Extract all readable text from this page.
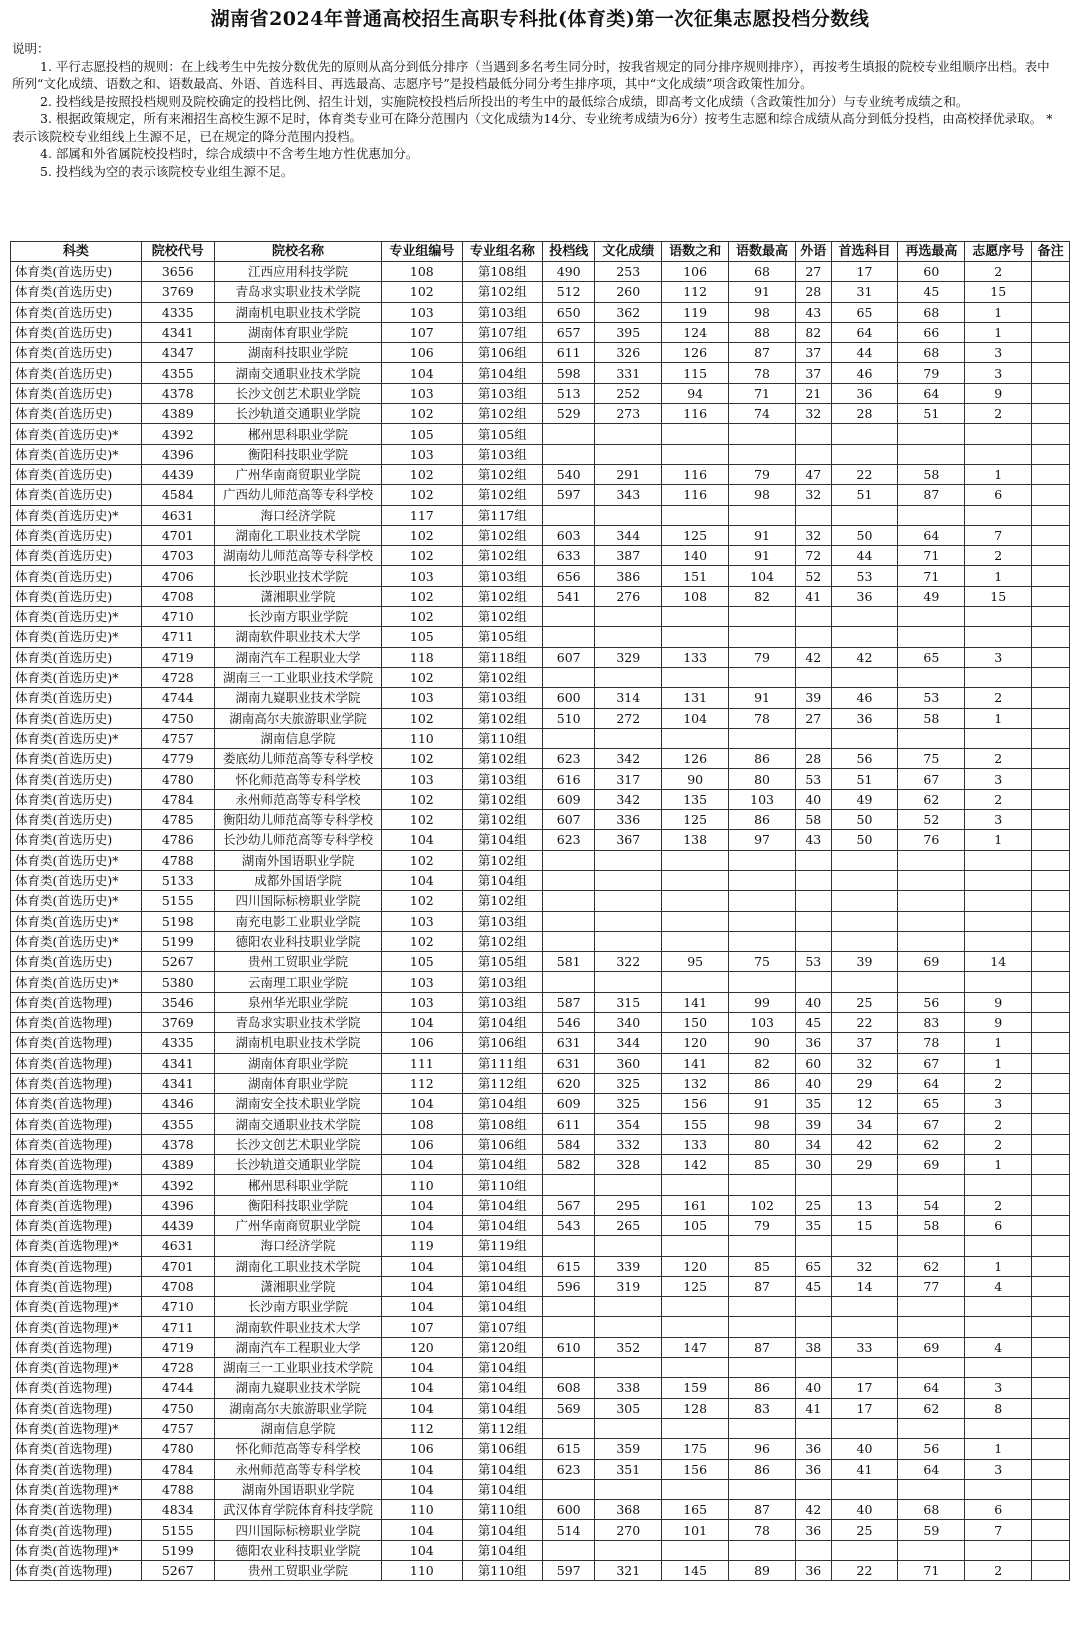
湖南省2024年普通高校招生高职专科批(体育类)第一次征集志愿投档分数线

说明：

1. 平行志愿投档的规则：在上线考生中先按分数优先的原则从高分到低分排序（当遇到多名考生同分时，按我省规定的同分排序规则排序），再按考生填报的院校专业组顺序出档。表中所列“文化成绩、语数之和、语数最高、外语、首选科目、再选最高、志愿序号”是投档最低分同分考生排序项，其中“文化成绩”项含政策性加分。

2. 投档线是按照投档规则及院校确定的投档比例、招生计划，实施院校投档后所投出的考生中的最低综合成绩，即高考文化成绩（含政策性加分）与专业统考成绩之和。

3. 根据政策规定，所有来湘招生高校生源不足时，体育类专业可在降分范围内（文化成绩为14分、专业统考成绩为6分）按考生志愿和综合成绩从高分到低分投档，由高校择优录取。 *表示该院校专业组线上生源不足，已在规定的降分范围内投档。

4. 部属和外省属院校投档时，综合成绩中不含考生地方性优惠加分。

5. 投档线为空的表示该院校专业组生源不足。

科类	院校代号	院校名称	专业组编号	专业组名称	投档线	文化成绩	语数之和	语数最高	外语	首选科目	再选最高	志愿序号	备注
体育类(首选历史)	3656	江西应用科技学院	108	第108组	490	253	106	68	27	17	60	2	
体育类(首选历史)	3769	青岛求实职业技术学院	102	第102组	512	260	112	91	28	31	45	15	
体育类(首选历史)	4335	湖南机电职业技术学院	103	第103组	650	362	119	98	43	65	68	1	
体育类(首选历史)	4341	湖南体育职业学院	107	第107组	657	395	124	88	82	64	66	1	
体育类(首选历史)	4347	湖南科技职业学院	106	第106组	611	326	126	87	37	44	68	3	
体育类(首选历史)	4355	湖南交通职业技术学院	104	第104组	598	331	115	78	37	46	79	3	
体育类(首选历史)	4378	长沙文创艺术职业学院	103	第103组	513	252	94	71	21	36	64	9	
体育类(首选历史)	4389	长沙轨道交通职业学院	102	第102组	529	273	116	74	32	28	51	2	
体育类(首选历史)*	4392	郴州思科职业学院	105	第105组									
体育类(首选历史)*	4396	衡阳科技职业学院	103	第103组									
体育类(首选历史)	4439	广州华南商贸职业学院	102	第102组	540	291	116	79	47	22	58	1	
体育类(首选历史)	4584	广西幼儿师范高等专科学校	102	第102组	597	343	116	98	32	51	87	6	
体育类(首选历史)*	4631	海口经济学院	117	第117组									
体育类(首选历史)	4701	湖南化工职业技术学院	102	第102组	603	344	125	91	32	50	64	7	
体育类(首选历史)	4703	湖南幼儿师范高等专科学校	102	第102组	633	387	140	91	72	44	71	2	
体育类(首选历史)	4706	长沙职业技术学院	103	第103组	656	386	151	104	52	53	71	1	
体育类(首选历史)	4708	潇湘职业学院	102	第102组	541	276	108	82	41	36	49	15	
体育类(首选历史)*	4710	长沙南方职业学院	102	第102组									
体育类(首选历史)*	4711	湖南软件职业技术大学	105	第105组									
体育类(首选历史)	4719	湖南汽车工程职业大学	118	第118组	607	329	133	79	42	42	65	3	
体育类(首选历史)*	4728	湖南三一工业职业技术学院	102	第102组									
体育类(首选历史)	4744	湖南九嶷职业技术学院	103	第103组	600	314	131	91	39	46	53	2	
体育类(首选历史)	4750	湖南高尔夫旅游职业学院	102	第102组	510	272	104	78	27	36	58	1	
体育类(首选历史)*	4757	湖南信息学院	110	第110组									
体育类(首选历史)	4779	娄底幼儿师范高等专科学校	102	第102组	623	342	126	86	28	56	75	2	
体育类(首选历史)	4780	怀化师范高等专科学校	103	第103组	616	317	90	80	53	51	67	3	
体育类(首选历史)	4784	永州师范高等专科学校	102	第102组	609	342	135	103	40	49	62	2	
体育类(首选历史)	4785	衡阳幼儿师范高等专科学校	102	第102组	607	336	125	86	58	50	52	3	
体育类(首选历史)	4786	长沙幼儿师范高等专科学校	104	第104组	623	367	138	97	43	50	76	1	
体育类(首选历史)*	4788	湖南外国语职业学院	102	第102组									
体育类(首选历史)*	5133	成都外国语学院	104	第104组									
体育类(首选历史)*	5155	四川国际标榜职业学院	102	第102组									
体育类(首选历史)*	5198	南充电影工业职业学院	103	第103组									
体育类(首选历史)*	5199	德阳农业科技职业学院	102	第102组									
体育类(首选历史)	5267	贵州工贸职业学院	105	第105组	581	322	95	75	53	39	69	14	
体育类(首选历史)*	5380	云南理工职业学院	103	第103组									
体育类(首选物理)	3546	泉州华光职业学院	103	第103组	587	315	141	99	40	25	56	9	
体育类(首选物理)	3769	青岛求实职业技术学院	104	第104组	546	340	150	103	45	22	83	9	
体育类(首选物理)	4335	湖南机电职业技术学院	106	第106组	631	344	120	90	36	37	78	1	
体育类(首选物理)	4341	湖南体育职业学院	111	第111组	631	360	141	82	60	32	67	1	
体育类(首选物理)	4341	湖南体育职业学院	112	第112组	620	325	132	86	40	29	64	2	
体育类(首选物理)	4346	湖南安全技术职业学院	104	第104组	609	325	156	91	35	12	65	3	
体育类(首选物理)	4355	湖南交通职业技术学院	108	第108组	611	354	155	98	39	34	67	2	
体育类(首选物理)	4378	长沙文创艺术职业学院	106	第106组	584	332	133	80	34	42	62	2	
体育类(首选物理)	4389	长沙轨道交通职业学院	104	第104组	582	328	142	85	30	29	69	1	
体育类(首选物理)*	4392	郴州思科职业学院	110	第110组									
体育类(首选物理)	4396	衡阳科技职业学院	104	第104组	567	295	161	102	25	13	54	2	
体育类(首选物理)	4439	广州华南商贸职业学院	104	第104组	543	265	105	79	35	15	58	6	
体育类(首选物理)*	4631	海口经济学院	119	第119组									
体育类(首选物理)	4701	湖南化工职业技术学院	104	第104组	615	339	120	85	65	32	62	1	
体育类(首选物理)	4708	潇湘职业学院	104	第104组	596	319	125	87	45	14	77	4	
体育类(首选物理)*	4710	长沙南方职业学院	104	第104组									
体育类(首选物理)*	4711	湖南软件职业技术大学	107	第107组									
体育类(首选物理)	4719	湖南汽车工程职业大学	120	第120组	610	352	147	87	38	33	69	4	
体育类(首选物理)*	4728	湖南三一工业职业技术学院	104	第104组									
体育类(首选物理)	4744	湖南九嶷职业技术学院	104	第104组	608	338	159	86	40	17	64	3	
体育类(首选物理)	4750	湖南高尔夫旅游职业学院	104	第104组	569	305	128	83	41	17	62	8	
体育类(首选物理)*	4757	湖南信息学院	112	第112组									
体育类(首选物理)	4780	怀化师范高等专科学校	106	第106组	615	359	175	96	36	40	56	1	
体育类(首选物理)	4784	永州师范高等专科学校	104	第104组	623	351	156	86	36	41	64	3	
体育类(首选物理)*	4788	湖南外国语职业学院	104	第104组									
体育类(首选物理)	4834	武汉体育学院体育科技学院	110	第110组	600	368	165	87	42	40	68	6	
体育类(首选物理)	5155	四川国际标榜职业学院	104	第104组	514	270	101	78	36	25	59	7	
体育类(首选物理)*	5199	德阳农业科技职业学院	104	第104组									
体育类(首选物理)	5267	贵州工贸职业学院	110	第110组	597	321	145	89	36	22	71	2	
